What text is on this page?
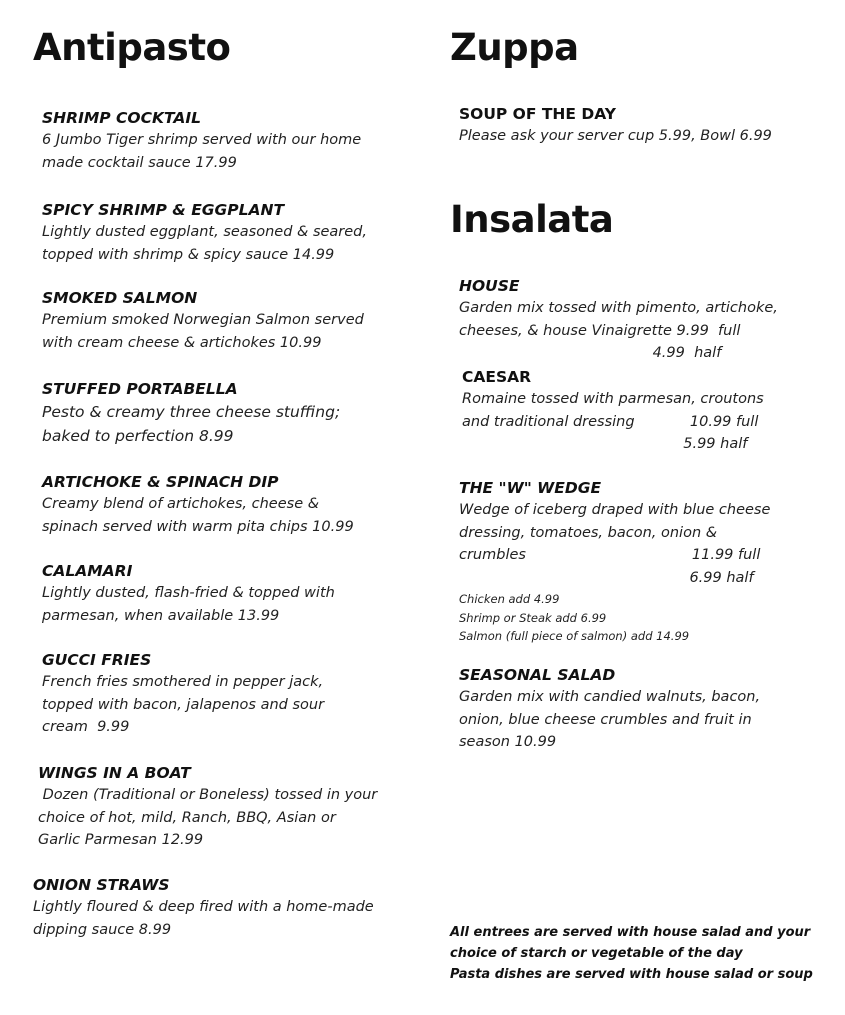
Antipasto	Zuppa
Insalata
SHRIMP COCKTAIL
6 Jumbo Tiger shrimp served with our home
made cocktail sauce 17.99
SPICY SHRIMP & EGGPLANT
Lightly dusted eggplant, seasoned & seared,
topped with shrimp & spicy sauce 14.99
SMOKED SALMON
Premium smoked Norwegian Salmon served
with cream cheese & artichokes 10.99
STUFFED PORTABELLA
Pesto & creamy three cheese stuffing;
baked to perfection 8.99
ARTICHOKE & SPINACH DIP
Creamy blend of artichokes, cheese &
spinach served with warm pita chips 10.99
CALAMARI
Lightly dusted, flash-fried & topped with
parmesan, when available 13.99
GUCCI FRIES
French fries smothered in pepper jack,
topped with bacon, jalapenos and sour
cream  9.99
WINGS IN A BOAT
Dozen (Traditional or Boneless) tossed in your
choice of hot, mild, Ranch, BBQ, Asian or
Garlic Parmesan 12.99
ONION STRAWS
Lightly floured & deep fired with a home-made
dipping sauce 8.99
SOUP OF THE DAY
Please ask your server cup 5.99, Bowl 6.99
HOUSE
Garden mix tossed with pimento, artichoke,
cheeses, & house Vinaigrette 9.99  full
4.99  half
CAESAR
Romaine tossed with parmesan, croutons
and traditional dressing            10.99 full
5.99 half
THE "W" WEDGE
Wedge of iceberg draped with blue cheese
dressing, tomatoes, bacon, onion &
crumbles                                    11.99 full
6.99 half
SEASONAL SALAD
Garden mix with candied walnuts, bacon,
onion, blue cheese crumbles and fruit in
season 10.99
Chicken add 4.99
Shrimp or Steak add 6.99
Salmon (full piece of salmon) add 14.99
All entrees are served with house salad and your
choice of starch or vegetable of the day
Pasta dishes are served with house salad or soup
sirved
